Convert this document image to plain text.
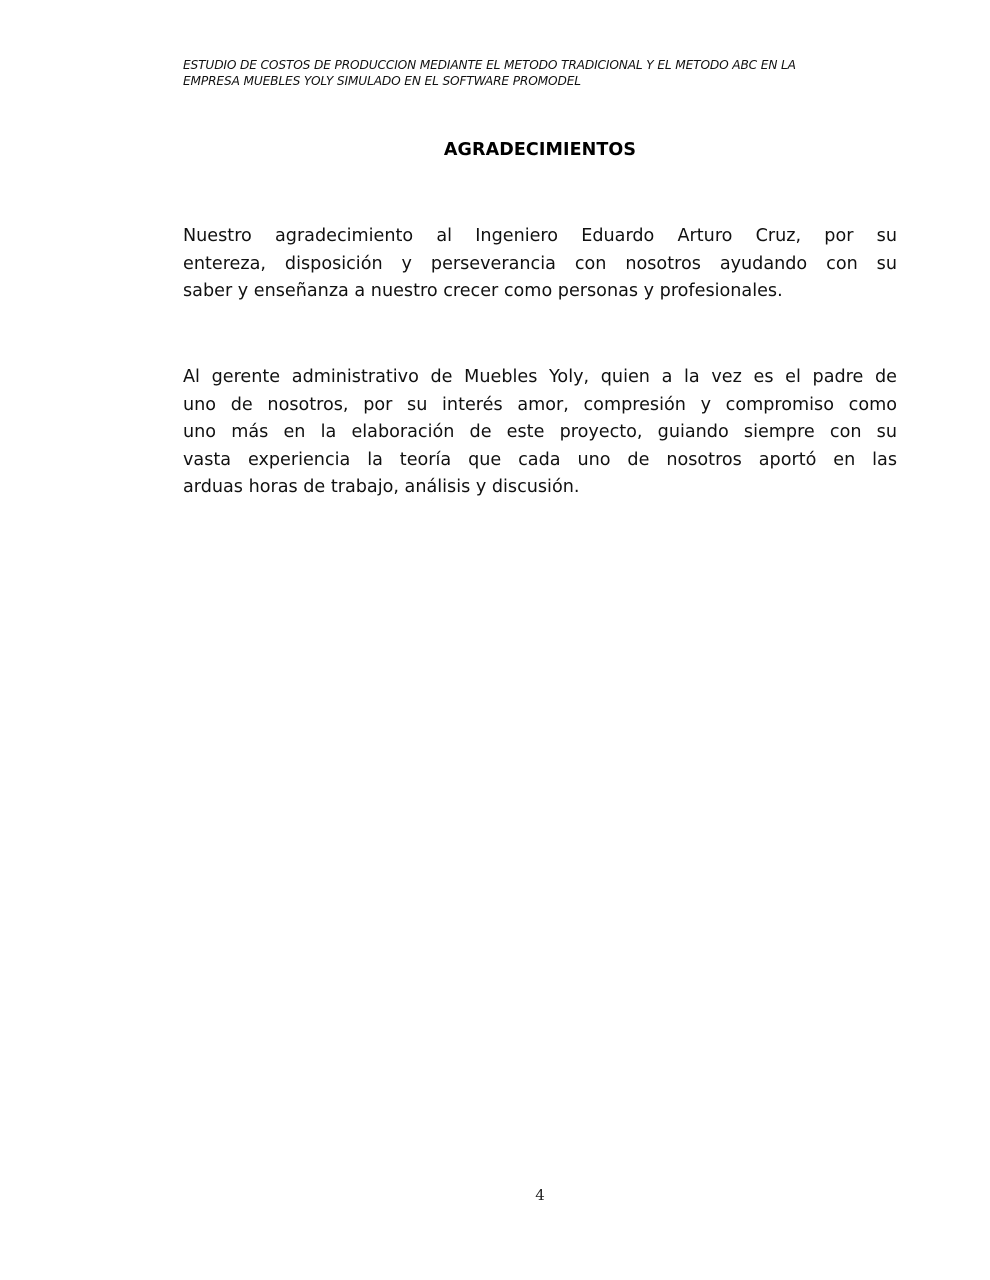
ESTUDIO DE COSTOS DE PRODUCCION MEDIANTE EL METODO TRADICIONAL Y EL METODO ABC EN LA
EMPRESA MUEBLES YOLY SIMULADO EN EL SOFTWARE PROMODEL
AGRADECIMIENTOS
Nuestro agradecimiento al Ingeniero Eduardo Arturo Cruz, por su
entereza, disposición y perseverancia con nosotros ayudando con su
saber y enseñanza a nuestro crecer como personas y profesionales.
Al gerente administrativo de Muebles Yoly, quien a la vez es el padre de
uno de nosotros, por su interés amor, compresión y compromiso como
uno más en la elaboración de este proyecto, guiando siempre con su
vasta experiencia la teoría que cada uno de nosotros aportó en las
arduas horas de trabajo, análisis y discusión.
4
